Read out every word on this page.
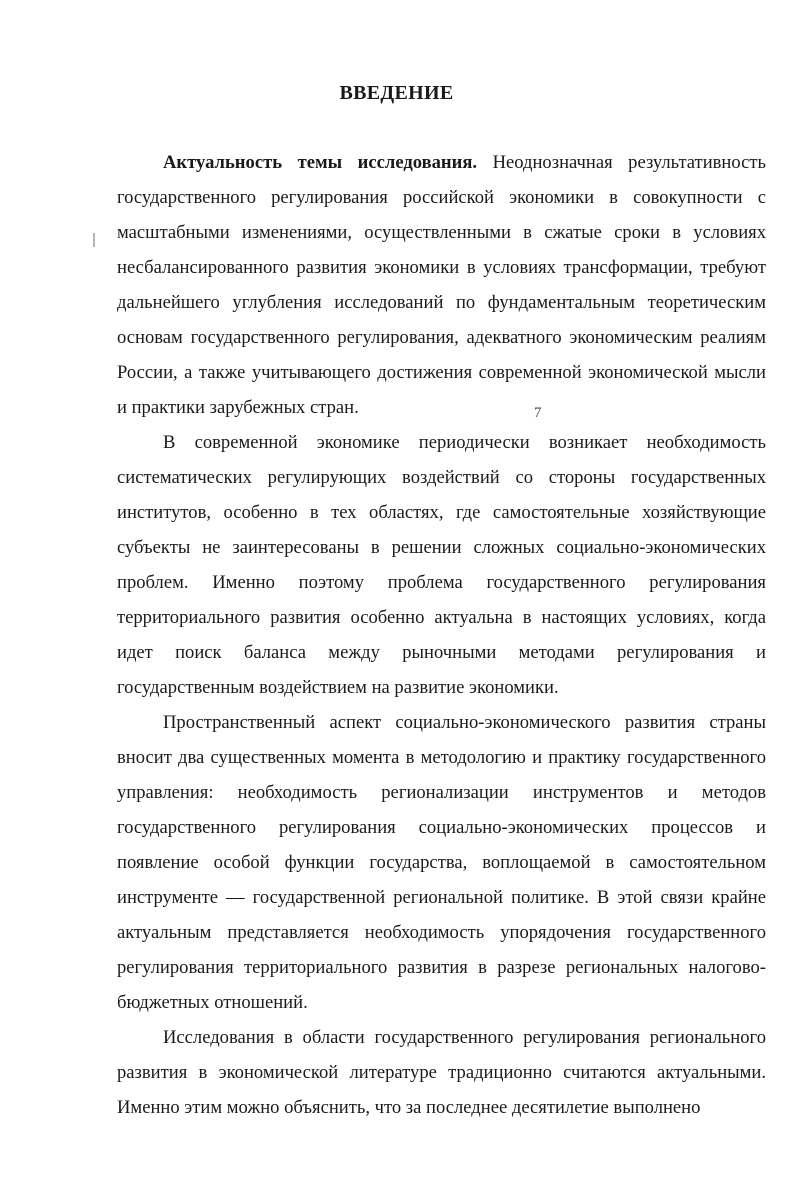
ВВЕДЕНИЕ
7

Актуальность темы исследования. Неоднозначная результативность государственного регулирования российской экономики в совокупности с масштабными изменениями, осуществленными в сжатые сроки в условиях несбалансированного развития экономики в условиях трансформации, требуют дальнейшего углубления исследований по фундаментальным теоретическим основам государственного регулирования, адекватного экономическим реалиям России, а также учитывающего достижения современной экономической мысли и практики зарубежных стран.

В современной экономике периодически возникает необходимость систематических регулирующих воздействий со стороны государственных институтов, особенно в тех областях, где самостоятельные хозяйствующие субъекты не заинтересованы в решении сложных социально-экономических проблем. Именно поэтому проблема государственного регулирования территориального развития особенно актуальна в настоящих условиях, когда идет поиск баланса между рыночными методами регулирования и государственным воздействием на развитие экономики.

Пространственный аспект социально-экономического развития страны вносит два существенных момента в методологию и практику государственного управления: необходимость регионализации инструментов и методов государственного регулирования социально-экономических процессов и появление особой функции государства, воплощаемой в самостоятельном инструменте — государственной региональной политике. В этой связи крайне актуальным представляется необходимость упорядочения государственного регулирования территориального развития в разрезе региональных налогово-бюджетных отношений.

Исследования в области государственного регулирования регионального развития в экономической литературе традиционно считаются актуальными. Именно этим можно объяснить, что за последнее десятилетие выполнено
